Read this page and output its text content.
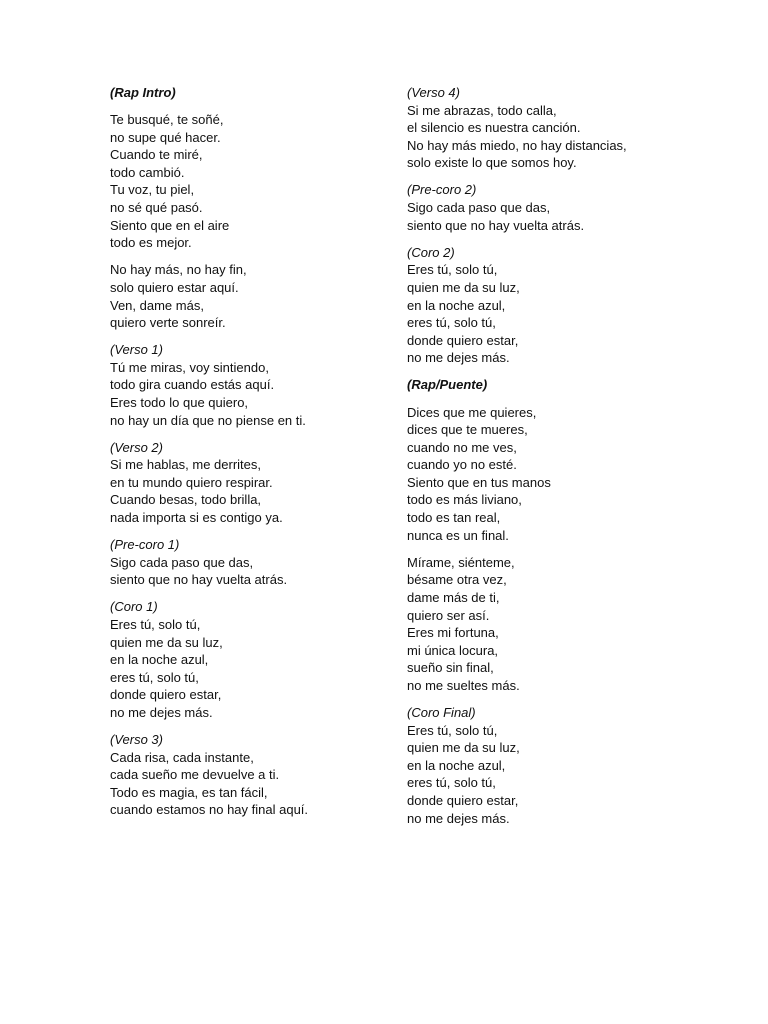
(Rap Intro)
Te busqué, te soñé,
no supe qué hacer.
Cuando te miré,
todo cambió.
Tu voz, tu piel,
no sé qué pasó.
Siento que en el aire
todo es mejor.
No hay más, no hay fin,
solo quiero estar aquí.
Ven, dame más,
quiero verte sonreír.
(Verso 1)
Tú me miras, voy sintiendo,
todo gira cuando estás aquí.
Eres todo lo que quiero,
no hay un día que no piense en ti.
(Verso 2)
Si me hablas, me derrites,
en tu mundo quiero respirar.
Cuando besas, todo brilla,
nada importa si es contigo ya.
(Pre-coro 1)
Sigo cada paso que das,
siento que no hay vuelta atrás.
(Coro 1)
Eres tú, solo tú,
quien me da su luz,
en la noche azul,
eres tú, solo tú,
donde quiero estar,
no me dejes más.
(Verso 3)
Cada risa, cada instante,
cada sueño me devuelve a ti.
Todo es magia, es tan fácil,
cuando estamos no hay final aquí.
(Verso 4)
Si me abrazas, todo calla,
el silencio es nuestra canción.
No hay más miedo, no hay distancias,
solo existe lo que somos hoy.
(Pre-coro 2)
Sigo cada paso que das,
siento que no hay vuelta atrás.
(Coro 2)
Eres tú, solo tú,
quien me da su luz,
en la noche azul,
eres tú, solo tú,
donde quiero estar,
no me dejes más.
(Rap/Puente)
Dices que me quieres,
dices que te mueres,
cuando no me ves,
cuando yo no esté.
Siento que en tus manos
todo es más liviano,
todo es tan real,
nunca es un final.
Mírame, siénteme,
bésame otra vez,
dame más de ti,
quiero ser así.
Eres mi fortuna,
mi única locura,
sueño sin final,
no me sueltes más.
(Coro Final)
Eres tú, solo tú,
quien me da su luz,
en la noche azul,
eres tú, solo tú,
donde quiero estar,
no me dejes más.
